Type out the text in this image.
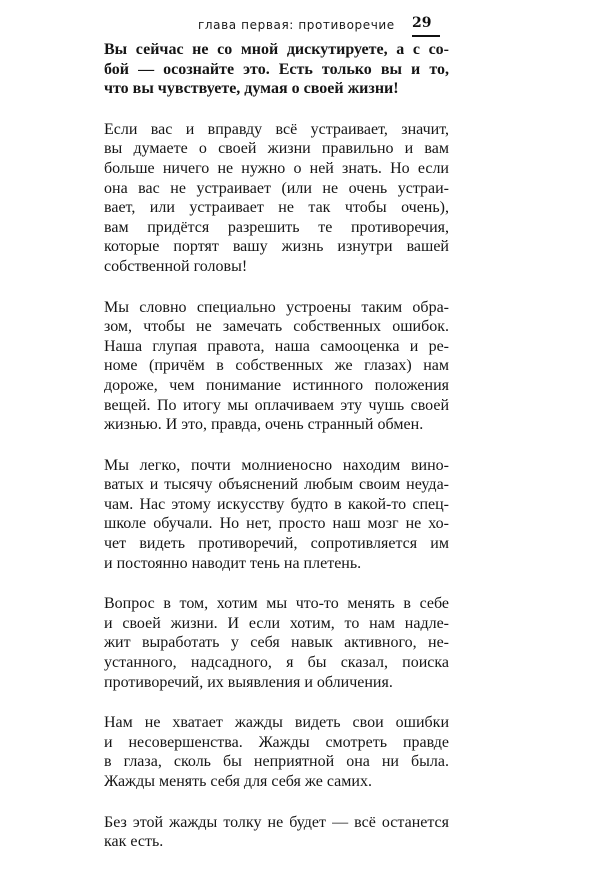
глава первая: противоречие 29
Вы сейчас не со мной дискутируете, а с со-
бой — осознайте это. Есть только вы и то,
что вы чувствуете, думая о своей жизни!
Если вас и вправду всё устраивает, значит,
вы думаете о своей жизни правильно и вам
больше ничего не нужно о ней знать. Но если
она вас не устраивает (или не очень устраи-
вает, или устраивает не так чтобы очень),
вам придётся разрешить те противоречия,
которые портят вашу жизнь изнутри вашей
собственной головы!
Мы словно специально устроены таким обра-
зом, чтобы не замечать собственных ошибок.
Наша глупая правота, наша самооценка и ре-
номе (причём в собственных же глазах) нам
дороже, чем понимание истинного положения
вещей. По итогу мы оплачиваем эту чушь своей
жизнью. И это, правда, очень странный обмен.
Мы легко, почти молниеносно находим вино-
ватых и тысячу объяснений любым своим неуда-
чам. Нас этому искусству будто в какой-то спец-
школе обучали. Но нет, просто наш мозг не хо-
чет видеть противоречий, сопротивляется им
и постоянно наводит тень на плетень.
Вопрос в том, хотим мы что-то менять в себе
и своей жизни. И если хотим, то нам надле-
жит выработать у себя навык активного, не-
устанного, надсадного, я бы сказал, поиска
противоречий, их выявления и обличения.
Нам не хватает жажды видеть свои ошибки
и несовершенства. Жажды смотреть правде
в глаза, сколь бы неприятной она ни была.
Жажды менять себя для себя же самих.
Без этой жажды толку не будет — всё останется
как есть.
